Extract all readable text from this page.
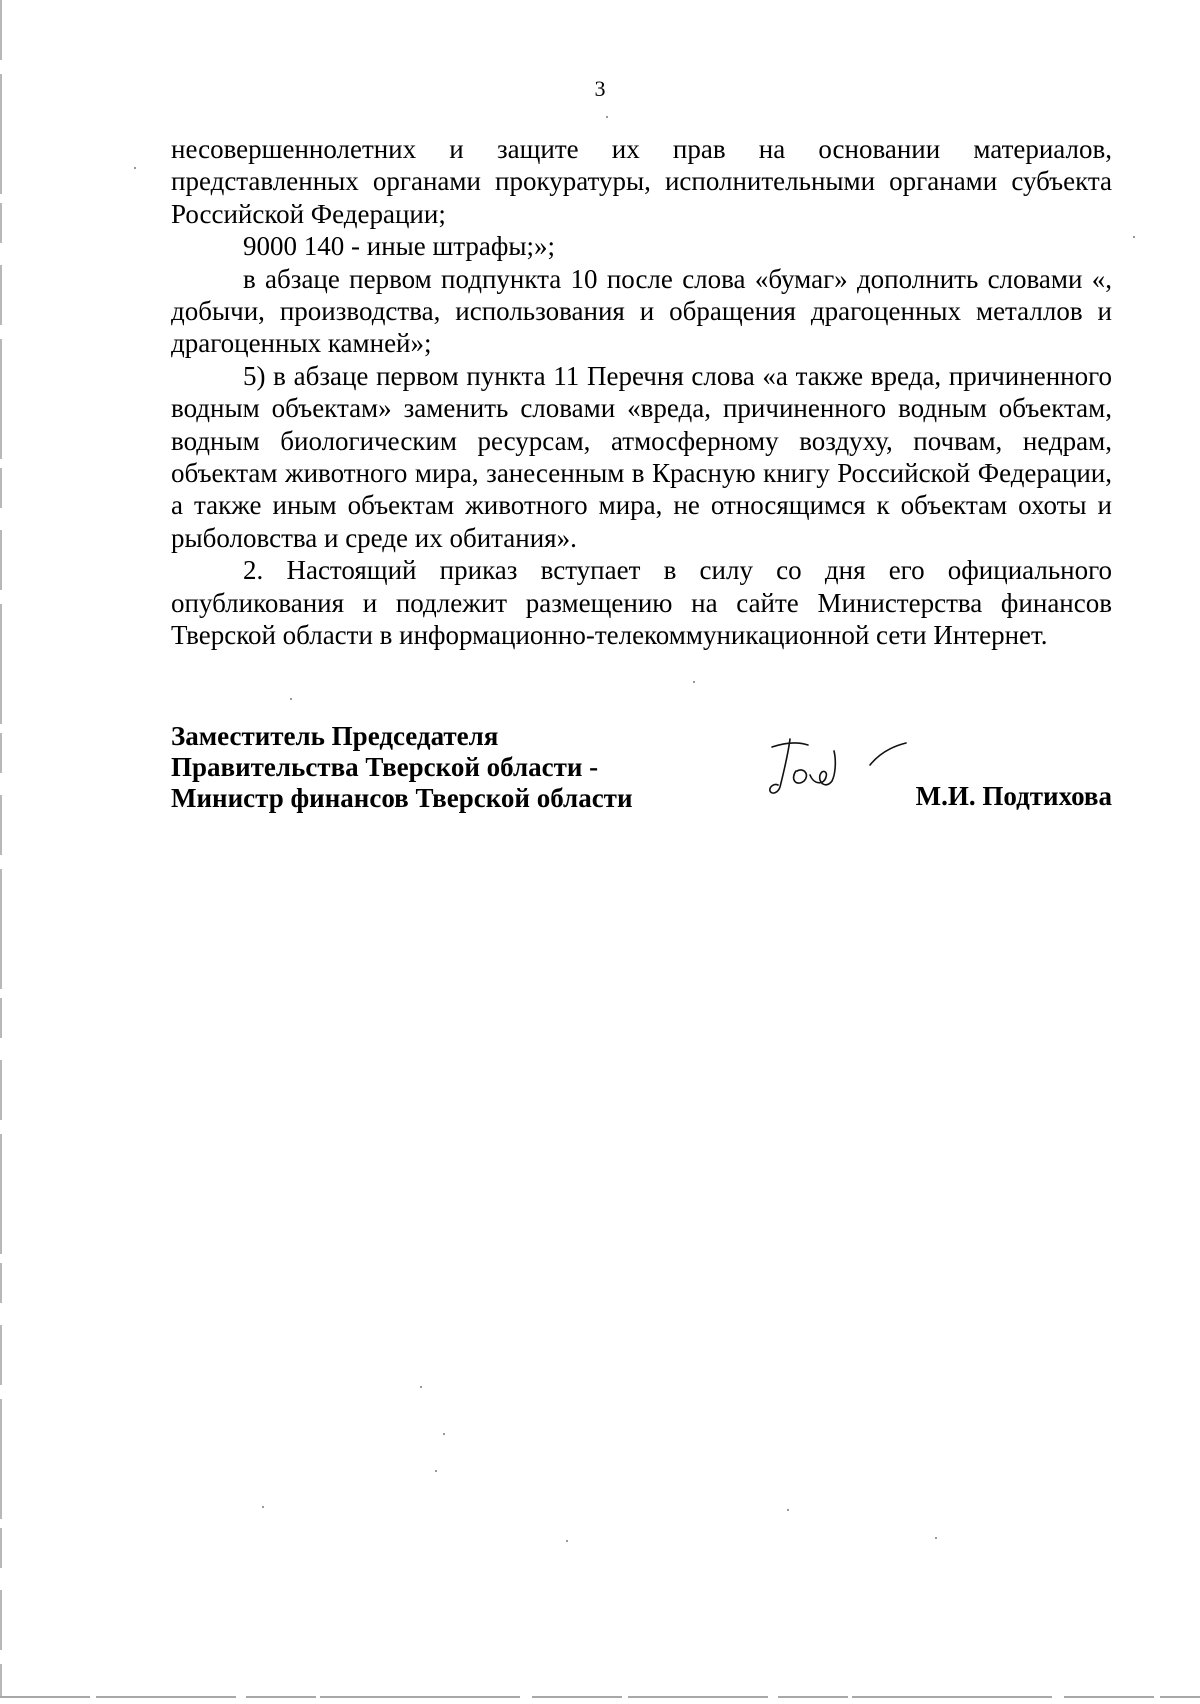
3

несовершеннолетних и защите их прав на основании материалов, представленных органами прокуратуры, исполнительными органами субъекта Российской Федерации;

9000 140 - иные штрафы;»;

в абзаце первом подпункта 10 после слова «бумаг» дополнить словами «, добычи, производства, использования и обращения драгоценных металлов и драгоценных камней»;

5) в абзаце первом пункта 11 Перечня слова «а также вреда, причиненного водным объектам» заменить словами «вреда, причиненного водным объектам, водным биологическим ресурсам, атмосферному воздуху, почвам, недрам, объектам животного мира, занесенным в Красную книгу Российской Федерации, а также иным объектам животного мира, не относящимся к объектам охоты и рыболовства и среде их обитания».

2. Настоящий приказ вступает в силу со дня его официального опубликования и подлежит размещению на сайте Министерства финансов Тверской области в информационно-телекоммуникационной сети Интернет.

Заместитель Председателя
Правительства Тверской области -
Министр финансов Тверской области	М.И. Подтихова
